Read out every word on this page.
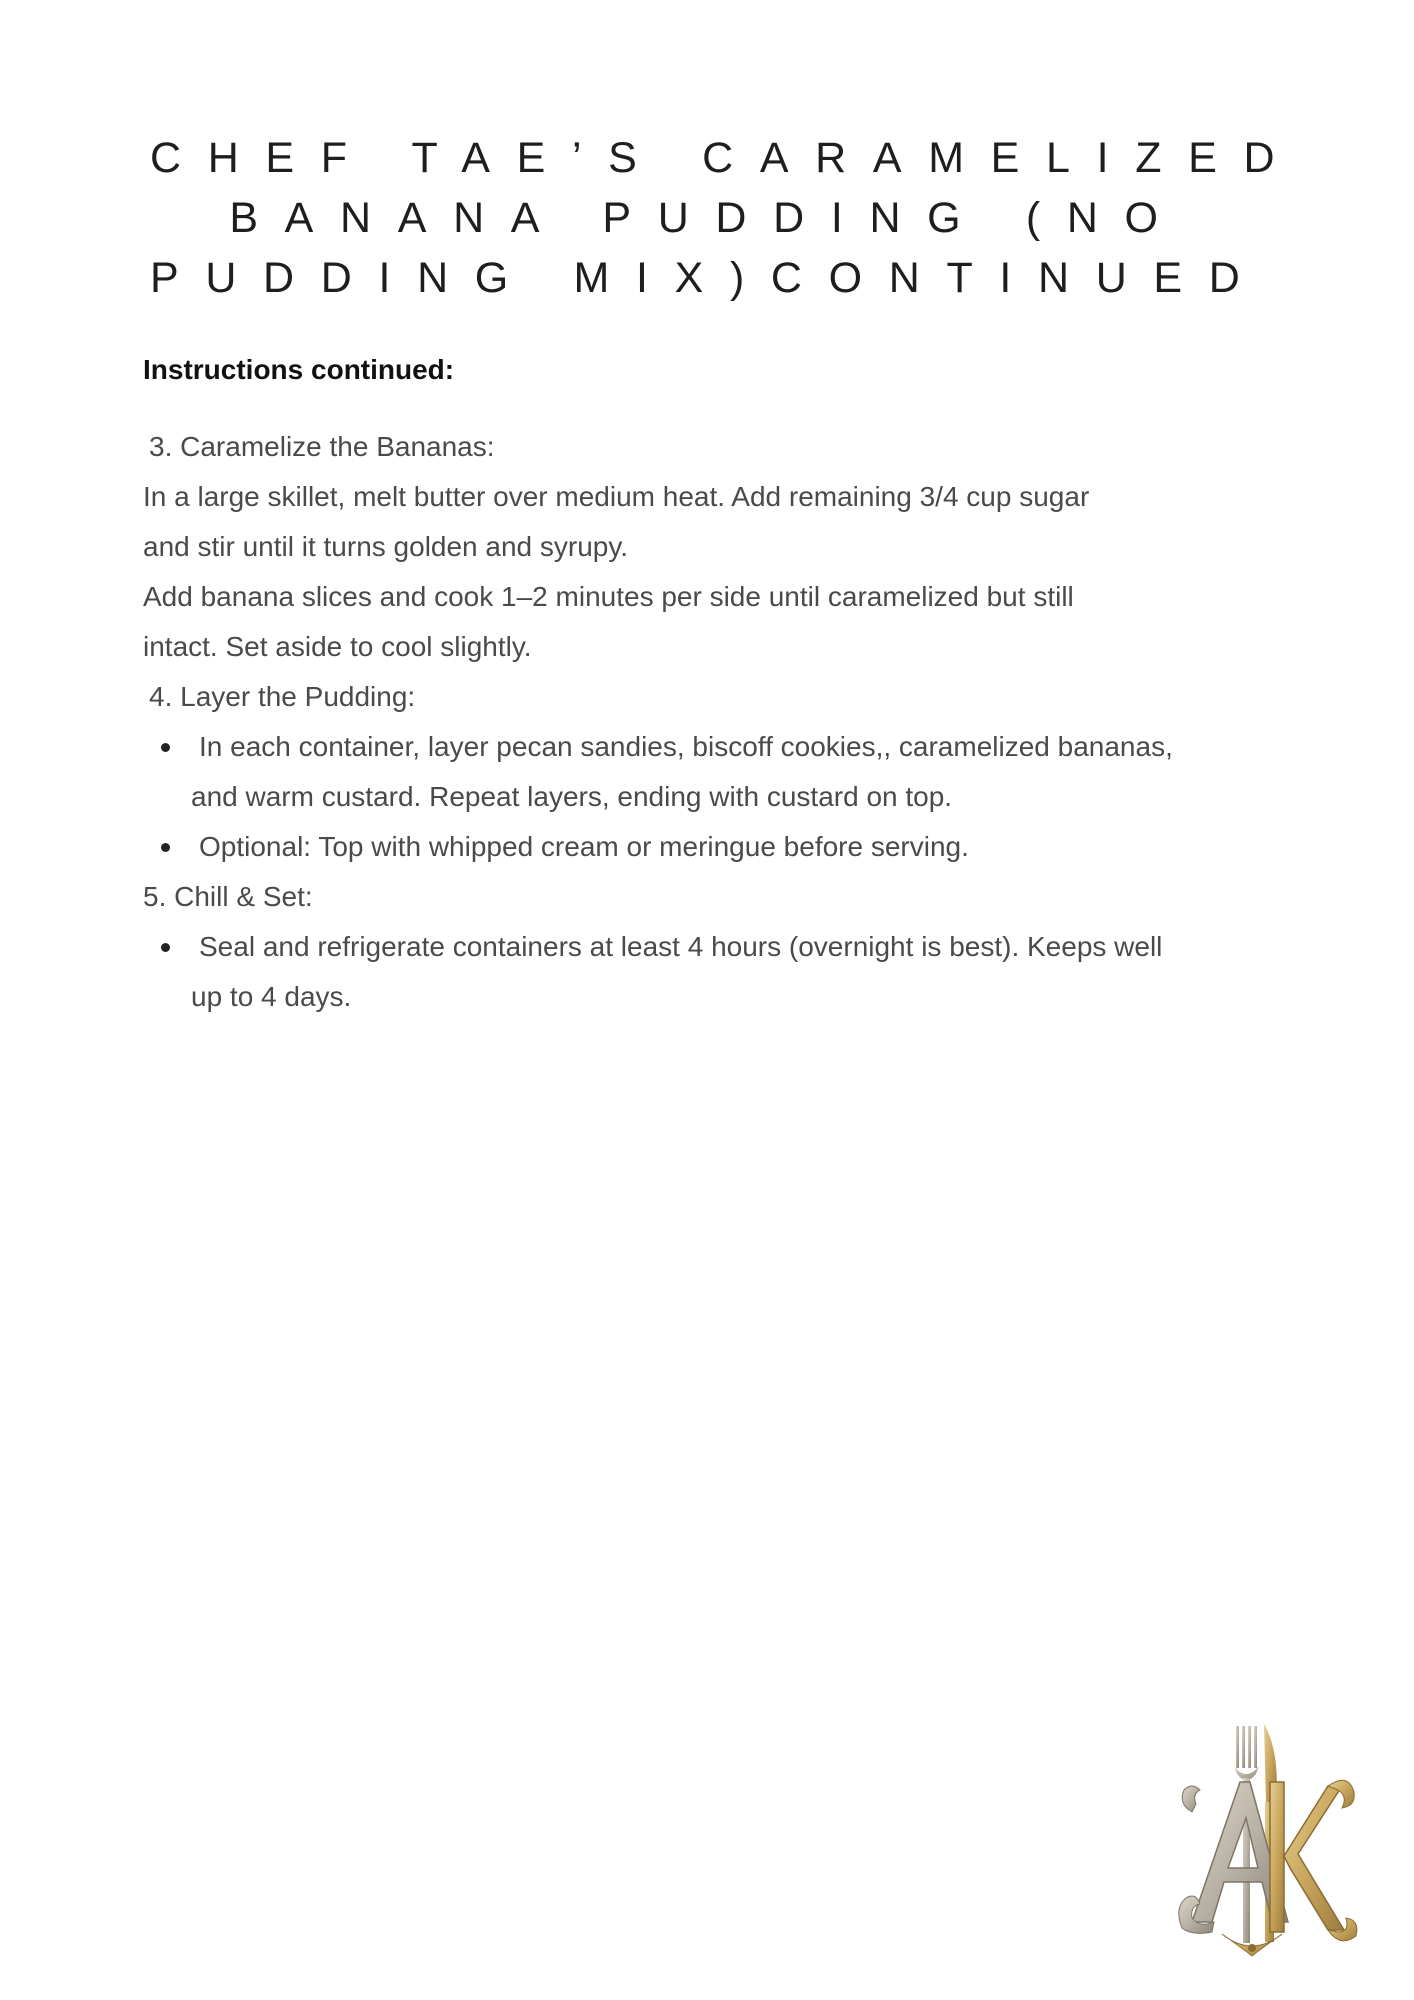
CHEF TAE’S CARAMELIZED
BANANA PUDDING (NO
PUDDING MIX)CONTINUED

Instructions continued:

3. Caramelize the Bananas:

In a large skillet, melt butter over medium heat. Add remaining 3/4 cup sugar

and stir until it turns golden and syrupy.

Add banana slices and cook 1–2 minutes per side until caramelized but still

intact. Set aside to cool slightly.

4. Layer the Pudding:

In each container, layer pecan sandies, biscoff cookies,, caramelized bananas,
and warm custard. Repeat layers, ending with custard on top.
Optional: Top with whipped cream or meringue before serving.

5. Chill & Set:

Seal and refrigerate containers at least 4 hours (overnight is best). Keeps well
up to 4 days.
